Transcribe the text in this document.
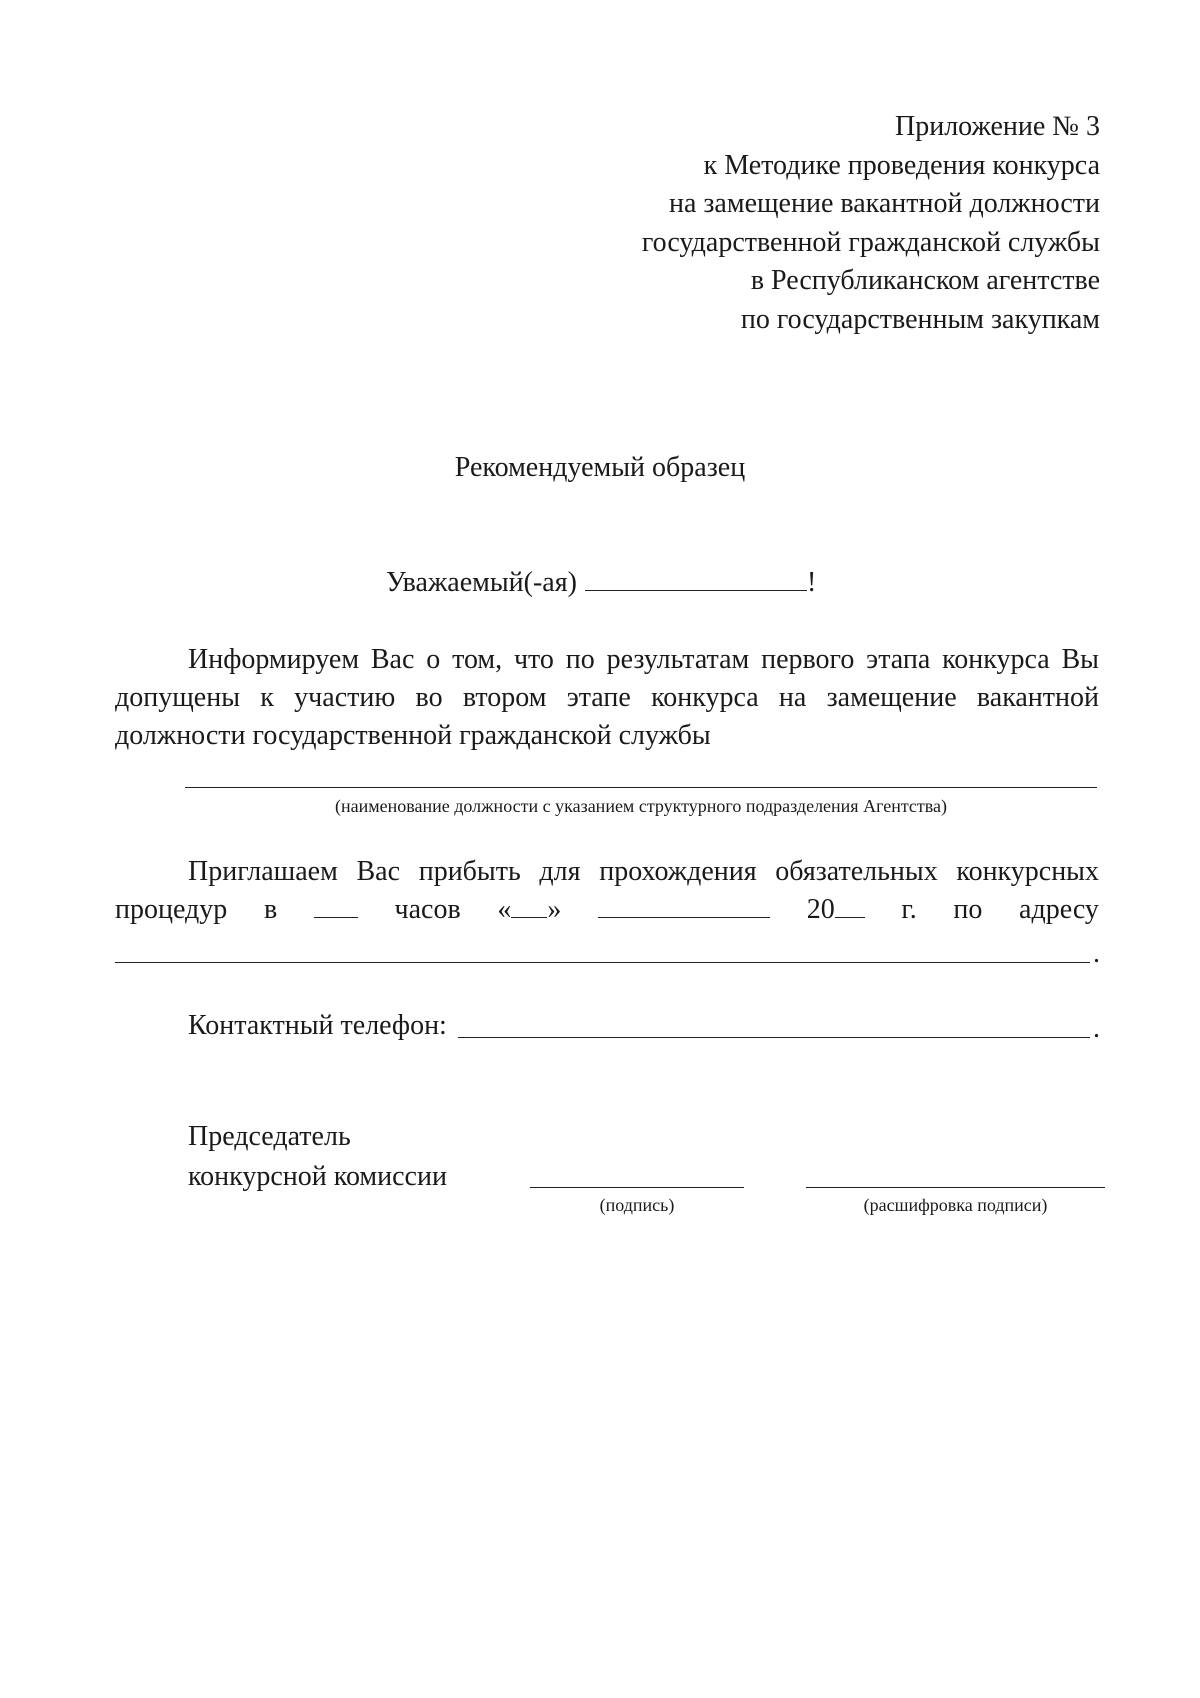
Приложение № 3
к Методике проведения конкурса
на замещение вакантной должности
государственной гражданской службы
в Республиканском агентстве
по государственным закупкам
Рекомендуемый образец
Уважаемый(-ая)	!
Информируем Вас о том, что по результатам первого этапа конкурса Вы
допущены к участию во втором этапе конкурса на замещение вакантной
должности государственной гражданской службы
(наименование должности с указанием структурного подразделения Агентства)
Приглашаем Вас прибыть для прохождения обязательных конкурсных
процедур в	часов « »	20	г. по адресу
.
Контактный телефон:	.
Председатель
конкурсной комиссии
(подпись)	(расшифровка подписи)
